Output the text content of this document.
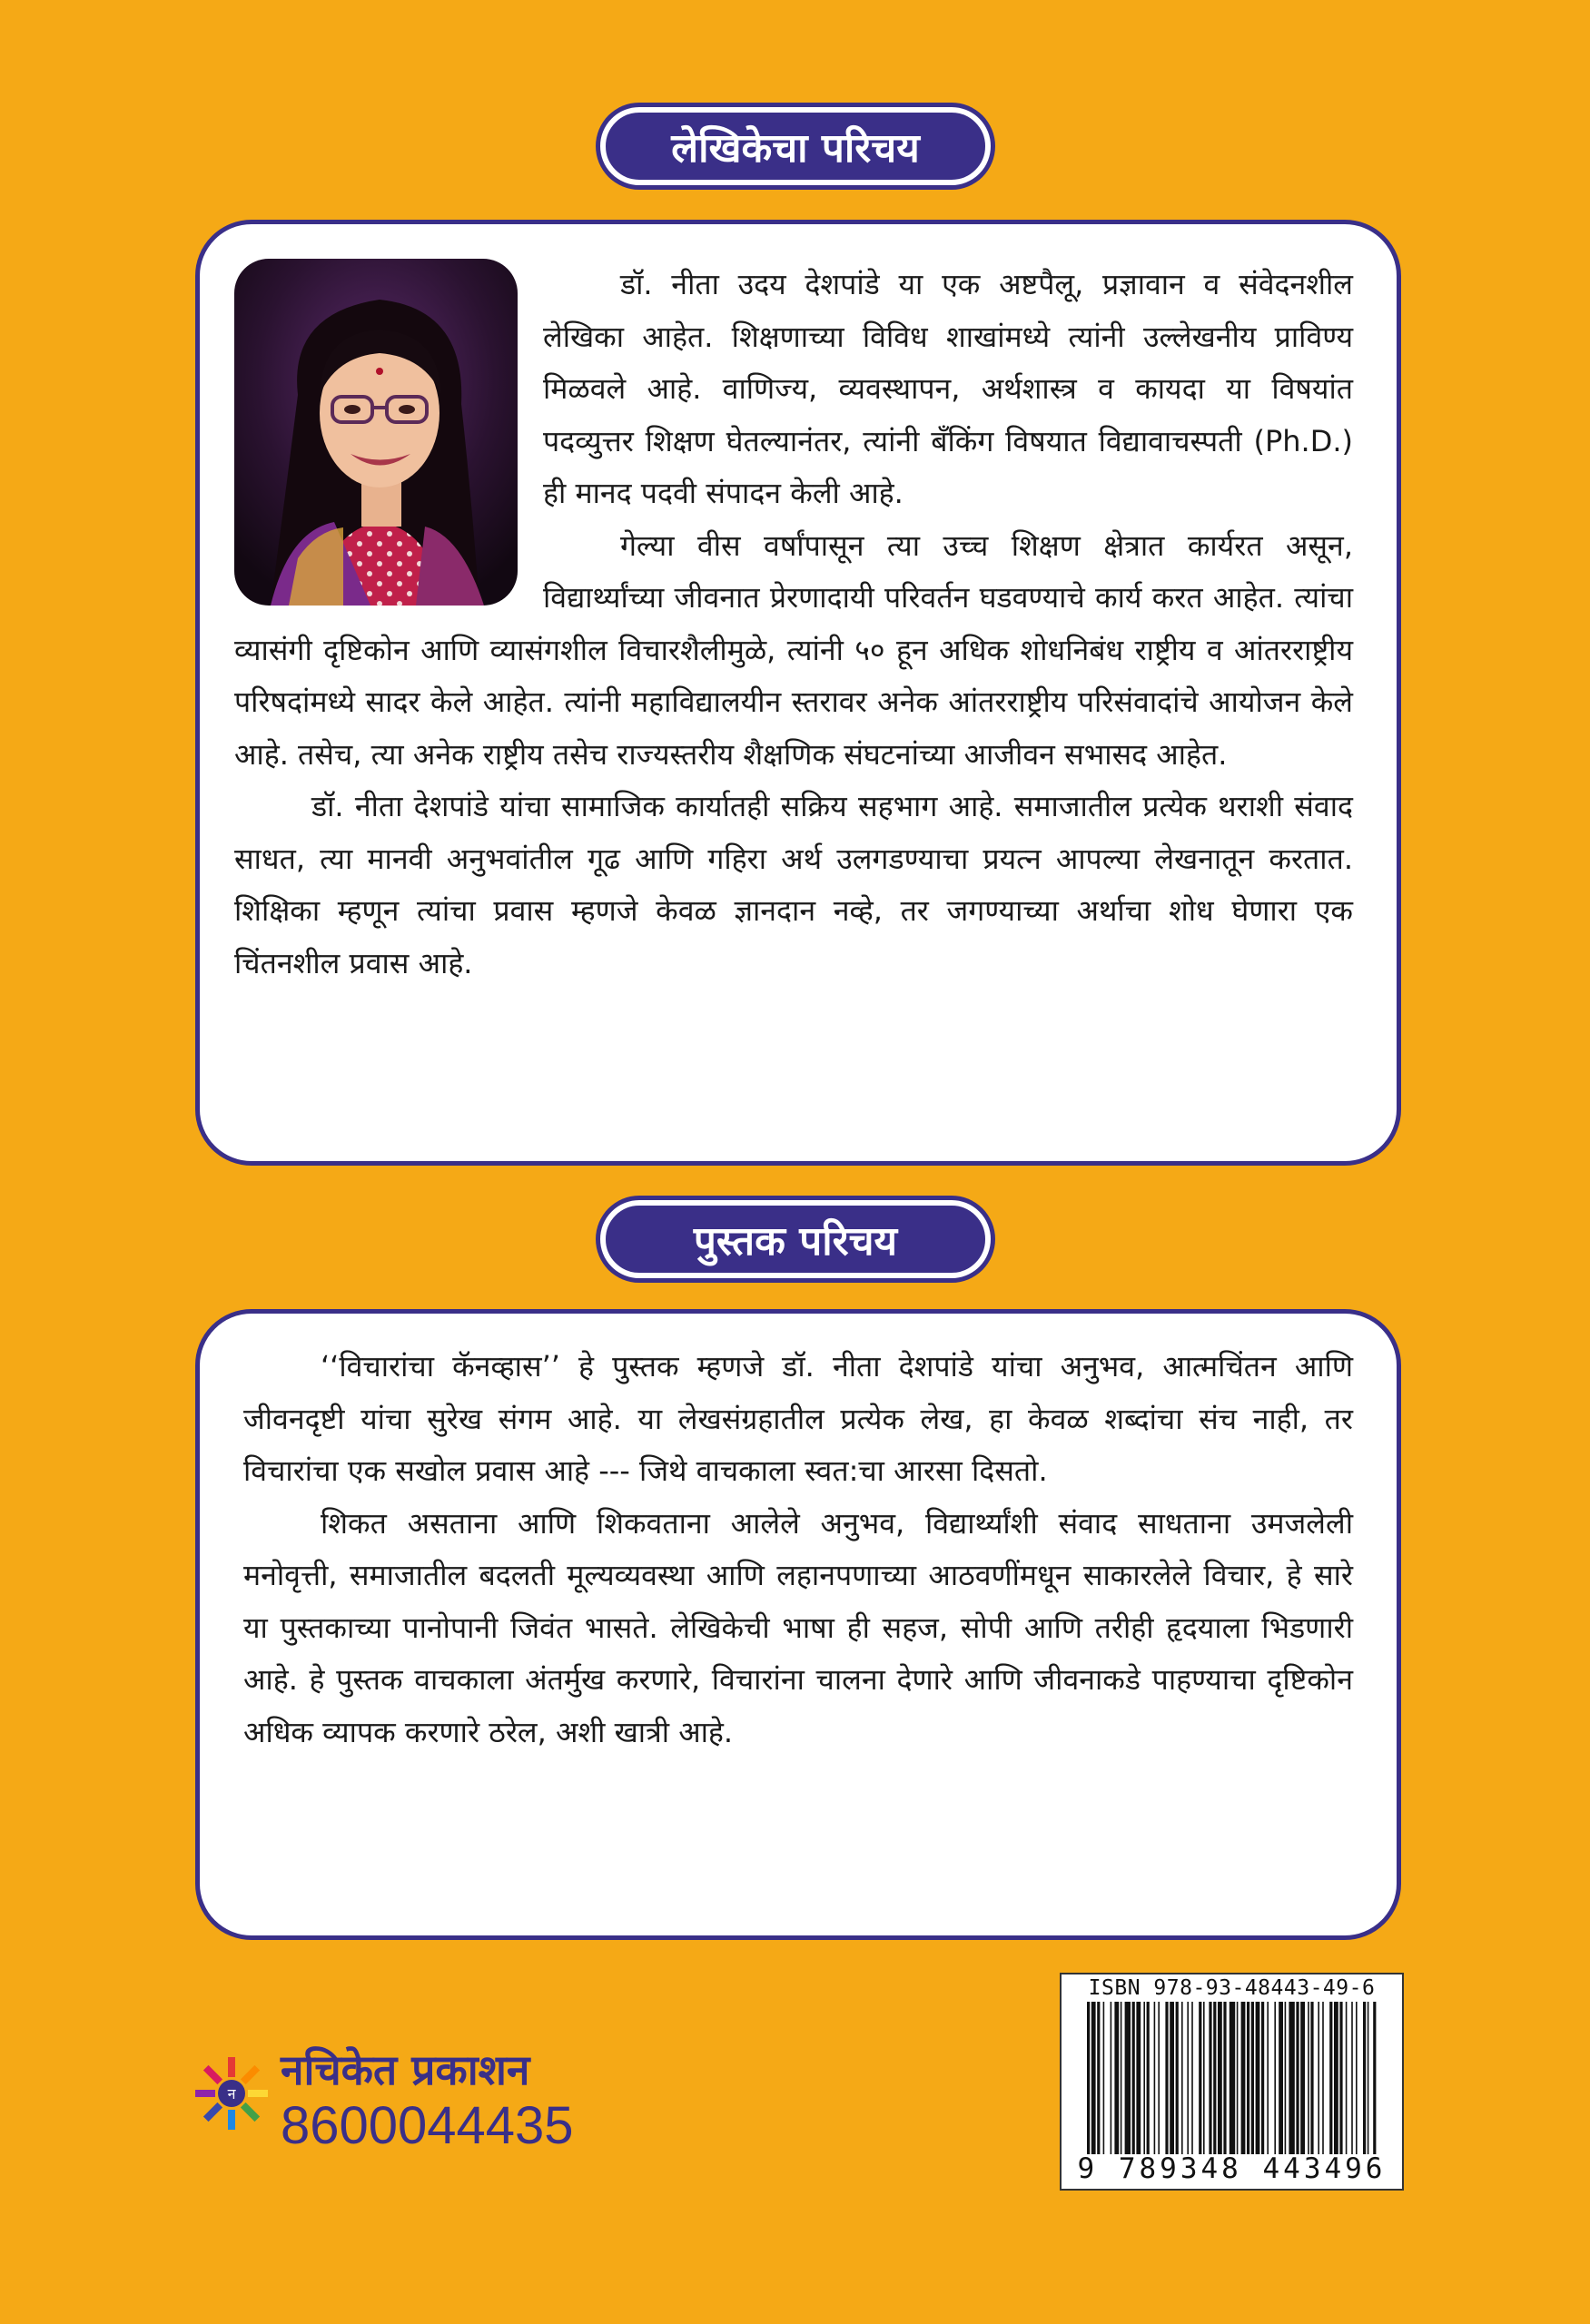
लेखिकेचा परिचय

डॉ. नीता उदय देशपांडे या एक अष्टपैलू, प्रज्ञावान व संवेदनशील लेखिका आहेत. शिक्षणाच्या विविध शाखांमध्ये त्यांनी उल्लेखनीय प्राविण्य मिळवले आहे. वाणिज्य, व्यवस्थापन, अर्थशास्त्र व कायदा या विषयांत पदव्युत्तर शिक्षण घेतल्यानंतर, त्यांनी बँकिंग विषयात विद्यावाचस्पती (Ph.D.) ही मानद पदवी संपादन केली आहे.

गेल्या वीस वर्षांपासून त्या उच्च शिक्षण क्षेत्रात कार्यरत असून, विद्यार्थ्यांच्या जीवनात प्रेरणादायी परिवर्तन घडवण्याचे कार्य करत आहेत. त्यांचा व्यासंगी दृष्टिकोन आणि व्यासंगशील विचारशैलीमुळे, त्यांनी ५० हून अधिक शोधनिबंध राष्ट्रीय व आंतरराष्ट्रीय परिषदांमध्ये सादर केले आहेत. त्यांनी महाविद्यालयीन स्तरावर अनेक आंतरराष्ट्रीय परिसंवादांचे आयोजन केले आहे. तसेच, त्या अनेक राष्ट्रीय तसेच राज्यस्तरीय शैक्षणिक संघटनांच्या आजीवन सभासद आहेत.

डॉ. नीता देशपांडे यांचा सामाजिक कार्यातही सक्रिय सहभाग आहे. समाजातील प्रत्येक थराशी संवाद साधत, त्या मानवी अनुभवांतील गूढ आणि गहिरा अर्थ उलगडण्याचा प्रयत्न आपल्या लेखनातून करतात. शिक्षिका म्हणून त्यांचा प्रवास म्हणजे केवळ ज्ञानदान नव्हे, तर जगण्याच्या अर्थाचा शोध घेणारा एक चिंतनशील प्रवास आहे.

पुस्तक परिचय

‘‘विचारांचा कॅनव्हास’’ हे पुस्तक म्हणजे डॉ. नीता देशपांडे यांचा अनुभव, आत्मचिंतन आणि जीवनदृष्टी यांचा सुरेख संगम आहे. या लेखसंग्रहातील प्रत्येक लेख, हा केवळ शब्दांचा संच नाही, तर विचारांचा एक सखोल प्रवास आहे --- जिथे वाचकाला स्वत:चा आरसा दिसतो.

शिकत असताना आणि शिकवताना आलेले अनुभव, विद्यार्थ्यांशी संवाद साधताना उमजलेली मनोवृत्ती, समाजातील बदलती मूल्यव्यवस्था आणि लहानपणाच्या आठवणींमधून साकारलेले विचार, हे सारे या पुस्तकाच्या पानोपानी जिवंत भासते. लेखिकेची भाषा ही सहज, सोपी आणि तरीही हृदयाला भिडणारी आहे. हे पुस्तक वाचकाला अंतर्मुख करणारे, विचारांना चालना देणारे आणि जीवनाकडे पाहण्याचा दृष्टिकोन अधिक व्यापक करणारे ठरेल, अशी खात्री आहे.

न नचिकेत प्रकाशन
8600044435
ISBN 978-93-48443-49-6
9 789348 443496
